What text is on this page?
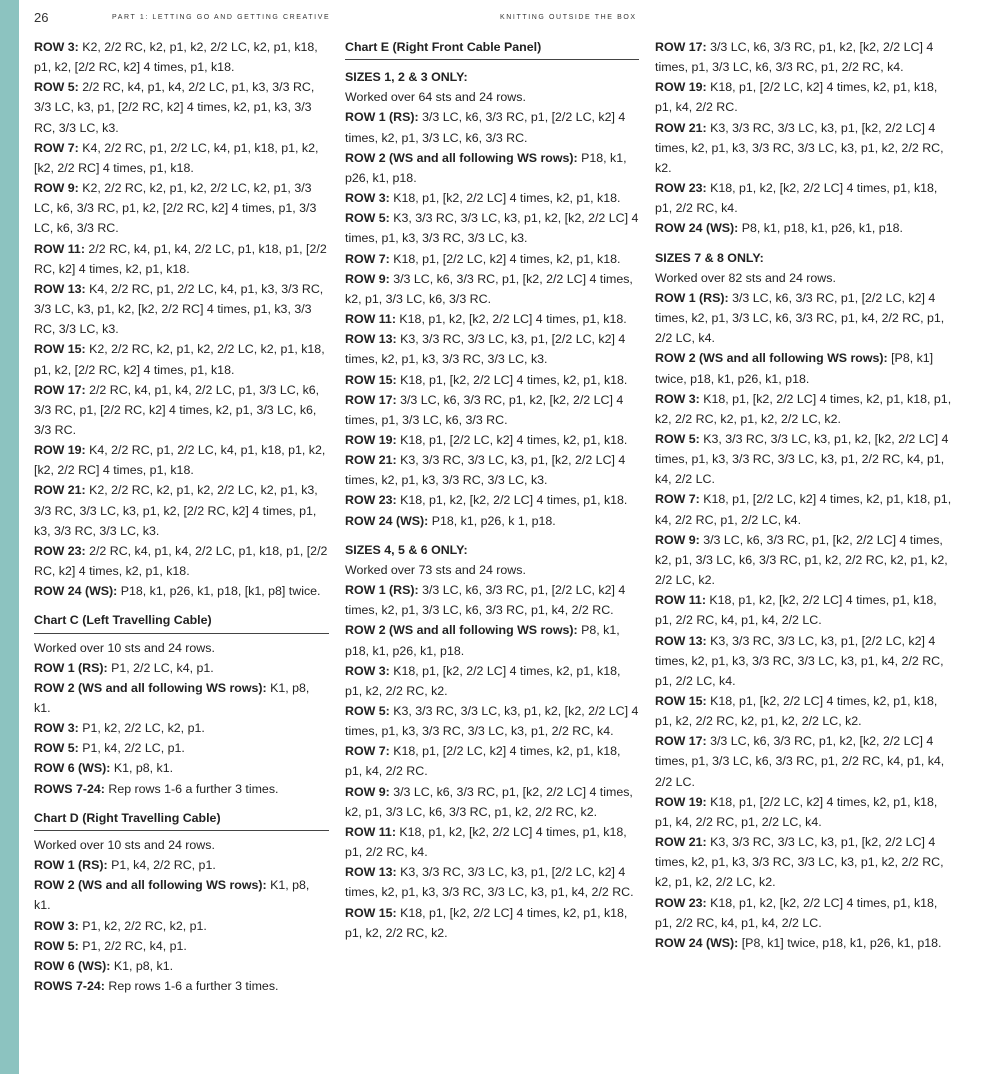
26	PART 1: LETTING GO AND GETTING CREATIVE	KNITTING OUTSIDE THE BOX

ROW 3: K2, 2/2 RC, k2, p1, k2, 2/2 LC, k2, p1, k18, p1, k2, [2/2 RC, k2] 4 times, p1, k18.

ROW 5: 2/2 RC, k4, p1, k4, 2/2 LC, p1, k3, 3/3 RC, 3/3 LC, k3, p1, [2/2 RC, k2] 4 times, k2, p1, k3, 3/3 RC, 3/3 LC, k3.

ROW 7: K4, 2/2 RC, p1, 2/2 LC, k4, p1, k18, p1, k2, [k2, 2/2 RC] 4 times, p1, k18.

ROW 9: K2, 2/2 RC, k2, p1, k2, 2/2 LC, k2, p1, 3/3 LC, k6, 3/3 RC, p1, k2, [2/2 RC, k2] 4 times, p1, 3/3 LC, k6, 3/3 RC.

ROW 11: 2/2 RC, k4, p1, k4, 2/2 LC, p1, k18, p1, [2/2 RC, k2] 4 times, k2, p1, k18.

ROW 13: K4, 2/2 RC, p1, 2/2 LC, k4, p1, k3, 3/3 RC, 3/3 LC, k3, p1, k2, [k2, 2/2 RC] 4 times, p1, k3, 3/3 RC, 3/3 LC, k3.

ROW 15: K2, 2/2 RC, k2, p1, k2, 2/2 LC, k2, p1, k18, p1, k2, [2/2 RC, k2] 4 times, p1, k18.

ROW 17: 2/2 RC, k4, p1, k4, 2/2 LC, p1, 3/3 LC, k6, 3/3 RC, p1, [2/2 RC, k2] 4 times, k2, p1, 3/3 LC, k6, 3/3 RC.

ROW 19: K4, 2/2 RC, p1, 2/2 LC, k4, p1, k18, p1, k2, [k2, 2/2 RC] 4 times, p1, k18.

ROW 21: K2, 2/2 RC, k2, p1, k2, 2/2 LC, k2, p1, k3, 3/3 RC, 3/3 LC, k3, p1, k2, [2/2 RC, k2] 4 times, p1, k3, 3/3 RC, 3/3 LC, k3.

ROW 23: 2/2 RC, k4, p1, k4, 2/2 LC, p1, k18, p1, [2/2 RC, k2] 4 times, k2, p1, k18.

ROW 24 (WS): P18, k1, p26, k1, p18, [k1, p8] twice.

Chart C (Left Travelling Cable)

Worked over 10 sts and 24 rows.

ROW 1 (RS): P1, 2/2 LC, k4, p1.

ROW 2 (WS and all following WS rows): K1, p8, k1.

ROW 3: P1, k2, 2/2 LC, k2, p1.

ROW 5: P1, k4, 2/2 LC, p1.

ROW 6 (WS): K1, p8, k1.

ROWS 7-24: Rep rows 1-6 a further 3 times.

Chart D (Right Travelling Cable)

Worked over 10 sts and 24 rows.

ROW 1 (RS): P1, k4, 2/2 RC, p1.

ROW 2 (WS and all following WS rows): K1, p8, k1.

ROW 3: P1, k2, 2/2 RC, k2, p1.

ROW 5: P1, 2/2 RC, k4, p1.

ROW 6 (WS): K1, p8, k1.

ROWS 7-24: Rep rows 1-6 a further 3 times.

Chart E (Right Front Cable Panel)

SIZES 1, 2 & 3 ONLY:

Worked over 64 sts and 24 rows.

ROW 1 (RS): 3/3 LC, k6, 3/3 RC, p1, [2/2 LC, k2] 4 times, k2, p1, 3/3 LC, k6, 3/3 RC.

ROW 2 (WS and all following WS rows): P18, k1, p26, k1, p18.

ROW 3: K18, p1, [k2, 2/2 LC] 4 times, k2, p1, k18.

ROW 5: K3, 3/3 RC, 3/3 LC, k3, p1, k2, [k2, 2/2 LC] 4 times, p1, k3, 3/3 RC, 3/3 LC, k3.

ROW 7: K18, p1, [2/2 LC, k2] 4 times, k2, p1, k18.

ROW 9: 3/3 LC, k6, 3/3 RC, p1, [k2, 2/2 LC] 4 times, k2, p1, 3/3 LC, k6, 3/3 RC.

ROW 11: K18, p1, k2, [k2, 2/2 LC] 4 times, p1, k18.

ROW 13: K3, 3/3 RC, 3/3 LC, k3, p1, [2/2 LC, k2] 4 times, k2, p1, k3, 3/3 RC, 3/3 LC, k3.

ROW 15: K18, p1, [k2, 2/2 LC] 4 times, k2, p1, k18.

ROW 17: 3/3 LC, k6, 3/3 RC, p1, k2, [k2, 2/2 LC] 4 times, p1, 3/3 LC, k6, 3/3 RC.

ROW 19: K18, p1, [2/2 LC, k2] 4 times, k2, p1, k18.

ROW 21: K3, 3/3 RC, 3/3 LC, k3, p1, [k2, 2/2 LC] 4 times, k2, p1, k3, 3/3 RC, 3/3 LC, k3.

ROW 23: K18, p1, k2, [k2, 2/2 LC] 4 times, p1, k18.

ROW 24 (WS): P18, k1, p26, k 1, p18.

SIZES 4, 5 & 6 ONLY:

Worked over 73 sts and 24 rows.

ROW 1 (RS): 3/3 LC, k6, 3/3 RC, p1, [2/2 LC, k2] 4 times, k2, p1, 3/3 LC, k6, 3/3 RC, p1, k4, 2/2 RC.

ROW 2 (WS and all following WS rows): P8, k1, p18, k1, p26, k1, p18.

ROW 3: K18, p1, [k2, 2/2 LC] 4 times, k2, p1, k18, p1, k2, 2/2 RC, k2.

ROW 5: K3, 3/3 RC, 3/3 LC, k3, p1, k2, [k2, 2/2 LC] 4 times, p1, k3, 3/3 RC, 3/3 LC, k3, p1, 2/2 RC, k4.

ROW 7: K18, p1, [2/2 LC, k2] 4 times, k2, p1, k18, p1, k4, 2/2 RC.

ROW 9: 3/3 LC, k6, 3/3 RC, p1, [k2, 2/2 LC] 4 times, k2, p1, 3/3 LC, k6, 3/3 RC, p1, k2, 2/2 RC, k2.

ROW 11: K18, p1, k2, [k2, 2/2 LC] 4 times, p1, k18, p1, 2/2 RC, k4.

ROW 13: K3, 3/3 RC, 3/3 LC, k3, p1, [2/2 LC, k2] 4 times, k2, p1, k3, 3/3 RC, 3/3 LC, k3, p1, k4, 2/2 RC.

ROW 15: K18, p1, [k2, 2/2 LC] 4 times, k2, p1, k18, p1, k2, 2/2 RC, k2.

ROW 17: 3/3 LC, k6, 3/3 RC, p1, k2, [k2, 2/2 LC] 4 times, p1, 3/3 LC, k6, 3/3 RC, p1, 2/2 RC, k4.

ROW 19: K18, p1, [2/2 LC, k2] 4 times, k2, p1, k18, p1, k4, 2/2 RC.

ROW 21: K3, 3/3 RC, 3/3 LC, k3, p1, [k2, 2/2 LC] 4 times, k2, p1, k3, 3/3 RC, 3/3 LC, k3, p1, k2, 2/2 RC, k2.

ROW 23: K18, p1, k2, [k2, 2/2 LC] 4 times, p1, k18, p1, 2/2 RC, k4.

ROW 24 (WS): P8, k1, p18, k1, p26, k1, p18.

SIZES 7 & 8 ONLY:

Worked over 82 sts and 24 rows.

ROW 1 (RS): 3/3 LC, k6, 3/3 RC, p1, [2/2 LC, k2] 4 times, k2, p1, 3/3 LC, k6, 3/3 RC, p1, k4, 2/2 RC, p1, 2/2 LC, k4.

ROW 2 (WS and all following WS rows): [P8, k1] twice, p18, k1, p26, k1, p18.

ROW 3: K18, p1, [k2, 2/2 LC] 4 times, k2, p1, k18, p1, k2, 2/2 RC, k2, p1, k2, 2/2 LC, k2.

ROW 5: K3, 3/3 RC, 3/3 LC, k3, p1, k2, [k2, 2/2 LC] 4 times, p1, k3, 3/3 RC, 3/3 LC, k3, p1, 2/2 RC, k4, p1, k4, 2/2 LC.

ROW 7: K18, p1, [2/2 LC, k2] 4 times, k2, p1, k18, p1, k4, 2/2 RC, p1, 2/2 LC, k4.

ROW 9: 3/3 LC, k6, 3/3 RC, p1, [k2, 2/2 LC] 4 times, k2, p1, 3/3 LC, k6, 3/3 RC, p1, k2, 2/2 RC, k2, p1, k2, 2/2 LC, k2.

ROW 11: K18, p1, k2, [k2, 2/2 LC] 4 times, p1, k18, p1, 2/2 RC, k4, p1, k4, 2/2 LC.

ROW 13: K3, 3/3 RC, 3/3 LC, k3, p1, [2/2 LC, k2] 4 times, k2, p1, k3, 3/3 RC, 3/3 LC, k3, p1, k4, 2/2 RC, p1, 2/2 LC, k4.

ROW 15: K18, p1, [k2, 2/2 LC] 4 times, k2, p1, k18, p1, k2, 2/2 RC, k2, p1, k2, 2/2 LC, k2.

ROW 17: 3/3 LC, k6, 3/3 RC, p1, k2, [k2, 2/2 LC] 4 times, p1, 3/3 LC, k6, 3/3 RC, p1, 2/2 RC, k4, p1, k4, 2/2 LC.

ROW 19: K18, p1, [2/2 LC, k2] 4 times, k2, p1, k18, p1, k4, 2/2 RC, p1, 2/2 LC, k4.

ROW 21: K3, 3/3 RC, 3/3 LC, k3, p1, [k2, 2/2 LC] 4 times, k2, p1, k3, 3/3 RC, 3/3 LC, k3, p1, k2, 2/2 RC, k2, p1, k2, 2/2 LC, k2.

ROW 23: K18, p1, k2, [k2, 2/2 LC] 4 times, p1, k18, p1, 2/2 RC, k4, p1, k4, 2/2 LC.

ROW 24 (WS): [P8, k1] twice, p18, k1, p26, k1, p18.
